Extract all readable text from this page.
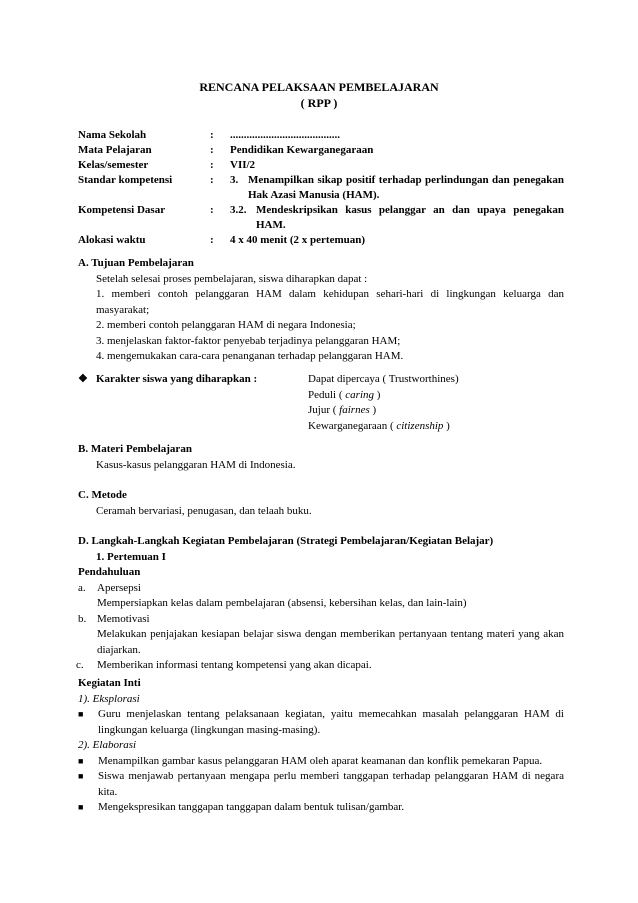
RENCANA PELAKSAAN PEMBELAJARAN
( RPP )
Nama Sekolah	:	........................................
Mata Pelajaran	:	Pendidikan Kewarganegaraan
Kelas/semester	:	VII/2
Standar kompetensi	:	3. Menampilkan sikap positif terhadap perlindungan dan penegakan Hak Azasi Manusia (HAM).

Kompetensi Dasar	:	3.2. Mendeskripsikan kasus pelanggar an dan upaya penegakan HAM.

Alokasi waktu	:	4 x 40 menit (2 x pertemuan)
A. Tujuan Pembelajaran
Setelah selesai proses pembelajaran, siswa diharapkan dapat :
1. memberi contoh pelanggaran HAM dalam kehidupan sehari-hari di lingkungan keluarga dan masyarakat;
2. memberi contoh pelanggaran HAM di negara Indonesia;
3. menjelaskan faktor-faktor penyebab terjadinya pelanggaran HAM;
4. mengemukakan cara-cara penanganan terhadap pelanggaran HAM.
❖ Karakter siswa yang diharapkan :	Dapat dipercaya ( Trustworthines)
Peduli ( caring )
Jujur ( fairnes )
Kewarganegaraan ( citizenship )
B. Materi Pembelajaran
Kasus-kasus pelanggaran HAM di Indonesia.
C. Metode
Ceramah bervariasi, penugasan, dan telaah buku.
D. Langkah-Langkah Kegiatan Pembelajaran (Strategi Pembelajaran/Kegiatan Belajar)
1. Pertemuan I
Pendahuluan
a.	Apersepsi
Mempersiapkan kelas dalam pembelajaran (absensi, kebersihan kelas, dan lain-lain)
b. Memotivasi
Melakukan penjajakan kesiapan belajar siswa dengan memberikan pertanyaan tentang materi yang akan diajarkan.
c.	Memberikan informasi tentang kompetensi yang akan dicapai.
Kegiatan Inti
1). Eksplorasi
■	Guru menjelaskan tentang pelaksanaan kegiatan, yaitu memecahkan masalah pelanggaran HAM di lingkungan keluarga (lingkungan masing-masing).
2). Elaborasi
■	Menampilkan gambar kasus pelanggaran HAM oleh aparat keamanan dan konflik pemekaran Papua.
■	Siswa menjawab pertanyaan mengapa perlu memberi tanggapan terhadap pelanggaran HAM di negara kita.
■	Mengekspresikan tanggapan tanggapan dalam bentuk tulisan/gambar.
